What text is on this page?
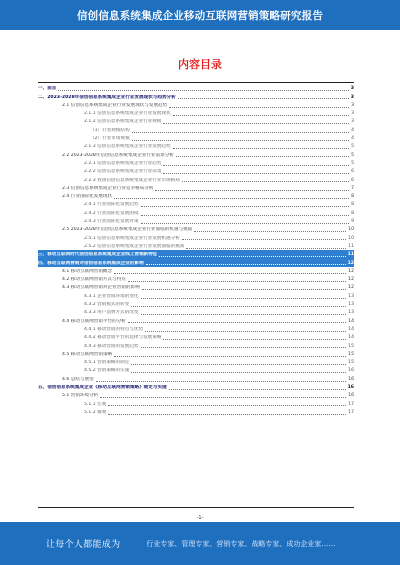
信创信息系统集成企业移动互联网营销策略研究报告
内容目录
一、前言	3
二、2023-2028年信创信息系统集成企业行业发展现状与趋势分析	3
2.1 信创信息系统集成企业行业发展现状与发展趋势	3
2.1.1 信创信息系统集成企业行业发展现状	3
2.1.2 信创信息系统集成企业行业规模	3
（1）行业规模结构	4
（2）行业市场规模	4
2.1.3 信创信息系统集成企业行业发展趋势	5
2.2 2023-2028年信创信息系统集成企业行业前景分析	5
2.2.1 信创信息系统集成企业行业趋势	5
2.2.2 信创信息系统集成企业行业前景	6
2.2.3 我国信创信息系统集成企业行业市场格局	6
2.3 信创信息系统集成企业行业竞争格局分析	7
2.4 行业国际化发展现状	8
2.4.1 行业国际化发展趋势	8
2.4.2 行业国际化发展困境	8
2.4.3 行业国际化发展对策	9
2.5 2023-2028年信创信息系统集成企业行业面临的机遇与挑战	10
2.5.1 信创信息系统集成企业行业发展机遇分析	10
2.5.2 信创信息系统集成企业行业发展面临的挑战	11
三、移动互联网时代信创信息系统集成企业线上营销新特征	11
四、移动互联网营销对信创信息系统集成企业的影响	12
4.1 移动互联网营销概念	12
4.2 移动互联网营销方式与特点	12
4.3 移动互联网营销对企业营销的影响	12
4.3.1 企业营销环境的变化	13
4.3.2 营销模式的转变	13
4.3.3 用户消费方式的改变	13
4.4 移动互联网营销平台的分析	14
4.4.1 移动营销的特点与优势	14
4.4.2 移动营销平台的选择与发展策略	14
4.4.3 移动营销的发展趋势	15
4.5 移动互联网营销策略	15
4.5.1 营销策略的制定	15
4.5.2 营销策略的实施	16
4.6 总结与展望	16
五、信创信息系统集成企业《移动互联网营销策略》制定与实施	16
5.1 营销环境分析	16
5.1.1 宏观	17
5.1.2 微观	17
-1-
让每个人都能成为	行业专家、管理专家、营销专家、战略专家、成功企业家……
